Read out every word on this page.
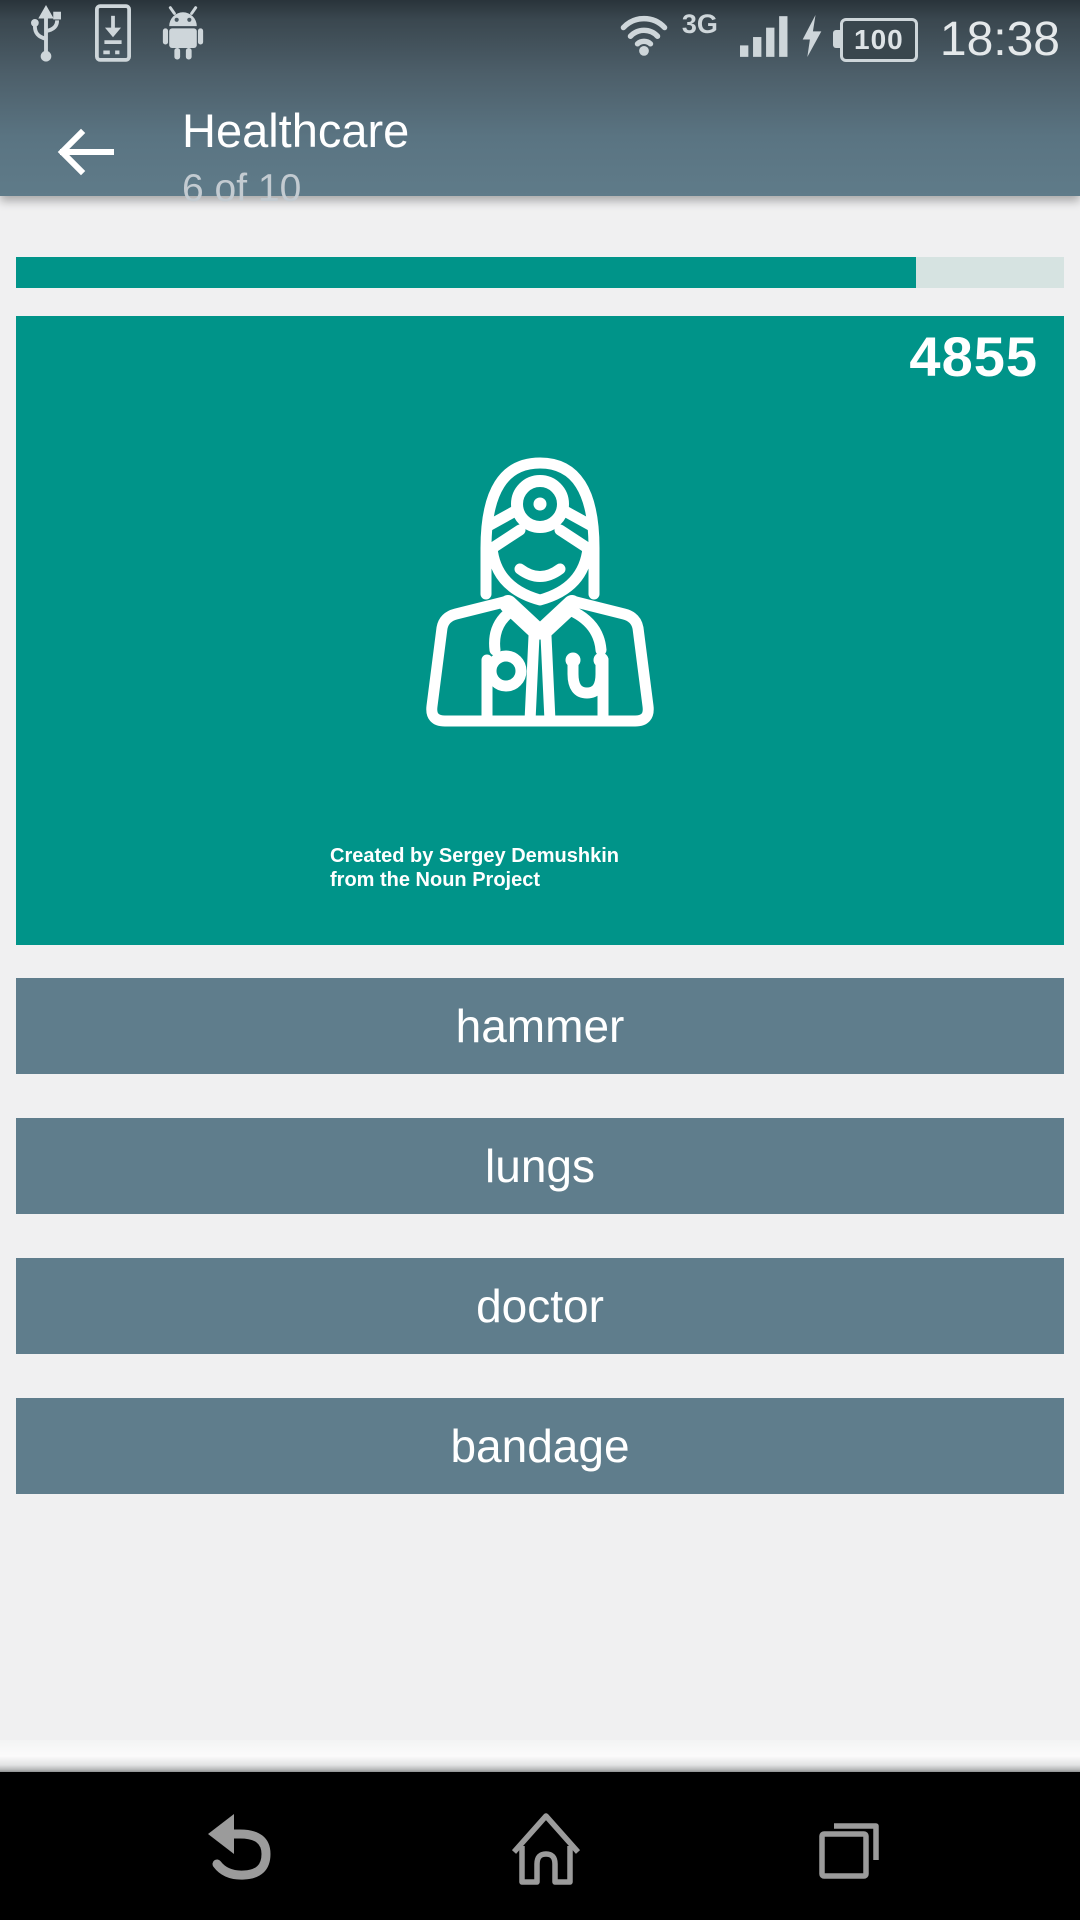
3G	100 18:38
Healthcare
6 of 10
4855
Created by Sergey Demushkin
from the Noun Project
hammer
lungs
doctor
bandage
